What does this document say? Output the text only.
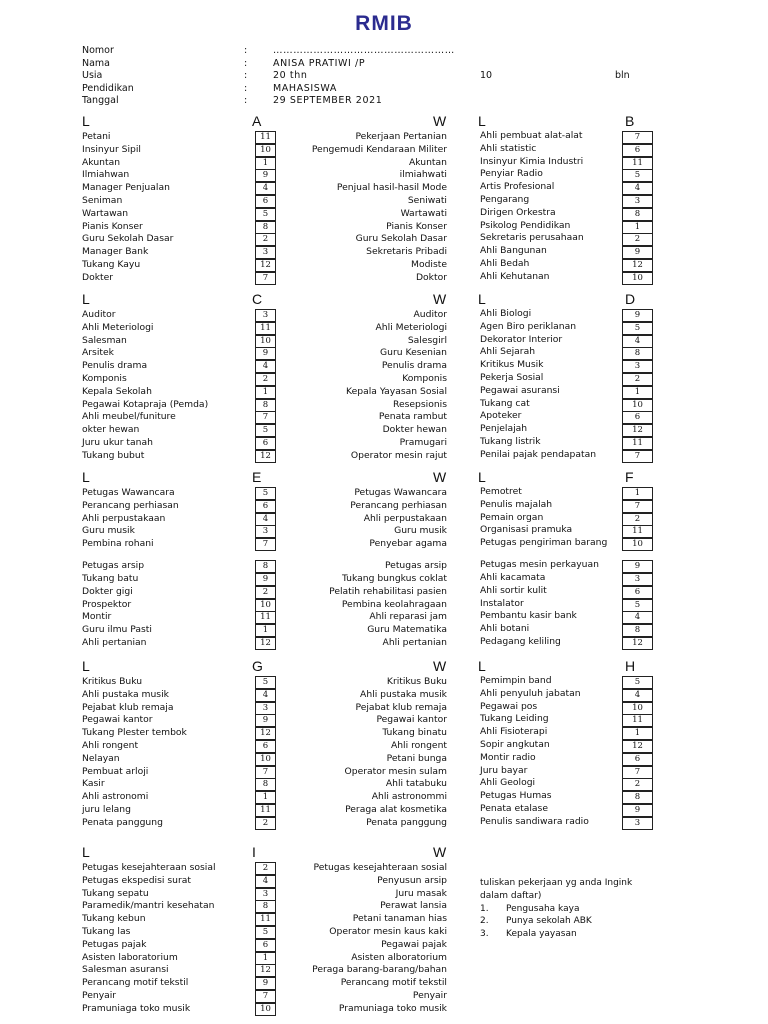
RMIB
Nomor	:	………………………………………………
Nama	:	ANISA PRATIWI /P
Usia	:	20 thn	10	bln
Pendidikan	:	MAHASISWA
Tanggal	:	29 SEPTEMBER 2021
L	A	W L	B
Petani	11	Pekerjaan Pertanian	Ahli pembuat alat-alat	7
Insinyur Sipil	10	Pengemudi Kendaraan Militer	Ahli statistic	6
Akuntan	1	Akuntan	Insinyur Kimia Industri	11
Ilmiahwan	9	ilmiahwati	Penyiar Radio	5
Manager Penjualan	4	Penjual hasil-hasil Mode	Artis Profesional	4
Seniman	6	Seniwati	Pengarang	3
Wartawan	5	Wartawati	Dirigen Orkestra	8
Pianis Konser	8	Pianis Konser	Psikolog Pendidikan	1
Guru Sekolah Dasar	2	Guru Sekolah Dasar	Sekretaris perusahaan	2
Manager Bank	3	Sekretaris Pribadi	Ahli Bangunan	9
Tukang Kayu	12	Modiste	Ahli Bedah	12
Dokter	7	Doktor	Ahli Kehutanan	10
L	C	W L	D
Auditor	3	Auditor	Ahli Biologi	9
Ahli Meteriologi	11	Ahli Meteriologi	Agen Biro periklanan	5
Salesman	10	Salesgirl	Dekorator Interior	4
Arsitek	9	Guru Kesenian	Ahli Sejarah	8
Penulis drama	4	Penulis drama	Kritikus Musik	3
Komponis	2	Komponis	Pekerja Sosial	2
Kepala Sekolah	1	Kepala Yayasan Sosial	Pegawai asuransi	1
Pegawai Kotapraja (Pemda)	8	Resepsionis	Tukang cat	10
Ahli meubel/funiture	7	Penata rambut	Apoteker	6
okter hewan	5	Dokter hewan	Penjelajah	12
Juru ukur tanah	6	Pramugari	Tukang listrik	11
Tukang bubut	12	Operator mesin rajut	Penilai pajak pendapatan	7
L	E	W L	F
Petugas Wawancara	5	Petugas Wawancara	Pemotret	1
Perancang perhiasan	6	Perancang perhiasan	Penulis majalah	7
Ahli perpustakaan	4	Ahli perpustakaan	Pemain organ	2
Guru musik	3	Guru musik	Organisasi pramuka	11
Pembina rohani	7	Penyebar agama	Petugas pengiriman barang	10
Petugas arsip	8	Petugas arsip	Petugas mesin perkayuan	9
Tukang batu	9	Tukang bungkus coklat	Ahli kacamata	3
Dokter gigi	2	Pelatih rehabilitasi pasien	Ahli sortir kulit	6
Prospektor	10	Pembina keolahragaan	Instalator	5
Montir	11	Ahli reparasi jam	Pembantu kasir bank	4
Guru ilmu Pasti	1	Guru Matematika	Ahli botani	8
Ahli pertanian	12	Ahli pertanian	Pedagang keliling	12
L	G	W L	H
Kritikus Buku	5	Kritikus Buku	Pemimpin band	5
Ahli pustaka musik	4	Ahli pustaka musik	Ahli penyuluh jabatan	4
Pejabat klub remaja	3	Pejabat klub remaja	Pegawai pos	10
Pegawai kantor	9	Pegawai kantor	Tukang Leiding	11
Tukang Plester tembok	12	Tukang binatu	Ahli Fisioterapi	1
Ahli rongent	6	Ahli rongent	Sopir angkutan	12
Nelayan	10	Petani bunga	Montir radio	6
Pembuat arloji	7	Operator mesin sulam	Juru bayar	7
Kasir	8	Ahli tatabuku	Ahli Geologi	2
Ahli astronomi	1	Ahli astronommi	Petugas Humas	8
juru lelang	11	Peraga alat kosmetika	Penata etalase	9
Penata panggung	2	Penata panggung	Penulis sandiwara radio	3
L	I	W
Petugas kesejahteraan sosial	2	Petugas kesejahteraan sosial
Petugas ekspedisi surat	4	Penyusun arsip
Tukang sepatu	3	Juru masak
Paramedik/mantri kesehatan	8	Perawat lansia
Tukang kebun	11	Petani tanaman hias
Tukang las	5	Operator mesin kaus kaki
Petugas pajak	6	Pegawai pajak
Asisten laboratorium	1	Asisten alboratorium
Salesman asuransi	12	Peraga barang-barang/bahan
Perancang motif tekstil	9	Perancang motif tekstil
Penyair	7	Penyair
Pramuniaga toko musik	10	Pramuniaga toko musik
tuliskan pekerjaan yg anda Ingink
dalam daftar)
1. Pengusaha kaya
2. Punya sekolah ABK
3. Kepala yayasan
